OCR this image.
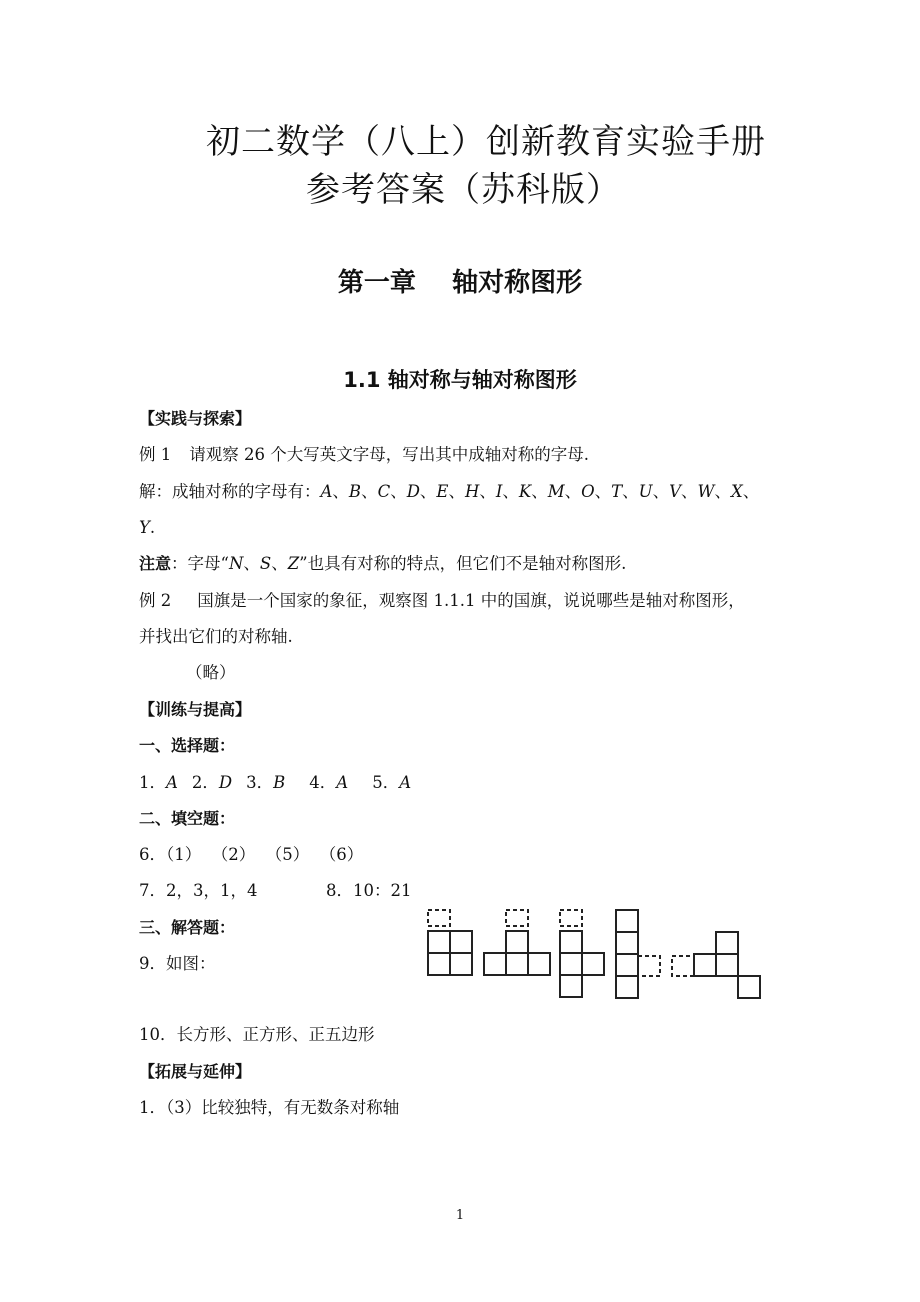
初二数学（八上）创新教育实验手册
参考答案（苏科版）
第一章    轴对称图形
1.1 轴对称与轴对称图形
【实践与探索】
例 1 请观察 26 个大写英文字母，写出其中成轴对称的字母.
解：成轴对称的字母有：A、B、C、D、E、H、I、K、M、O、T、U、V、W、X、
Y.
注意：字母“N、S、Z”也具有对称的特点，但它们不是轴对称图形.
例 2 国旗是一个国家的象征，观察图 1.1.1 中的国旗，说说哪些是轴对称图形，
并找出它们的对称轴.
（略）
【训练与提高】
一、选择题：
1．A 2．D 3．B 4．A 5．A
二、填空题：
6．（1）  （2）  （5）  （6）
7．2，3，1，4	8．10：21
三、解答题：
9．如图：
10．长方形、正方形、正五边形
【拓展与延伸】
1．（3）比较独特，有无数条对称轴
1
